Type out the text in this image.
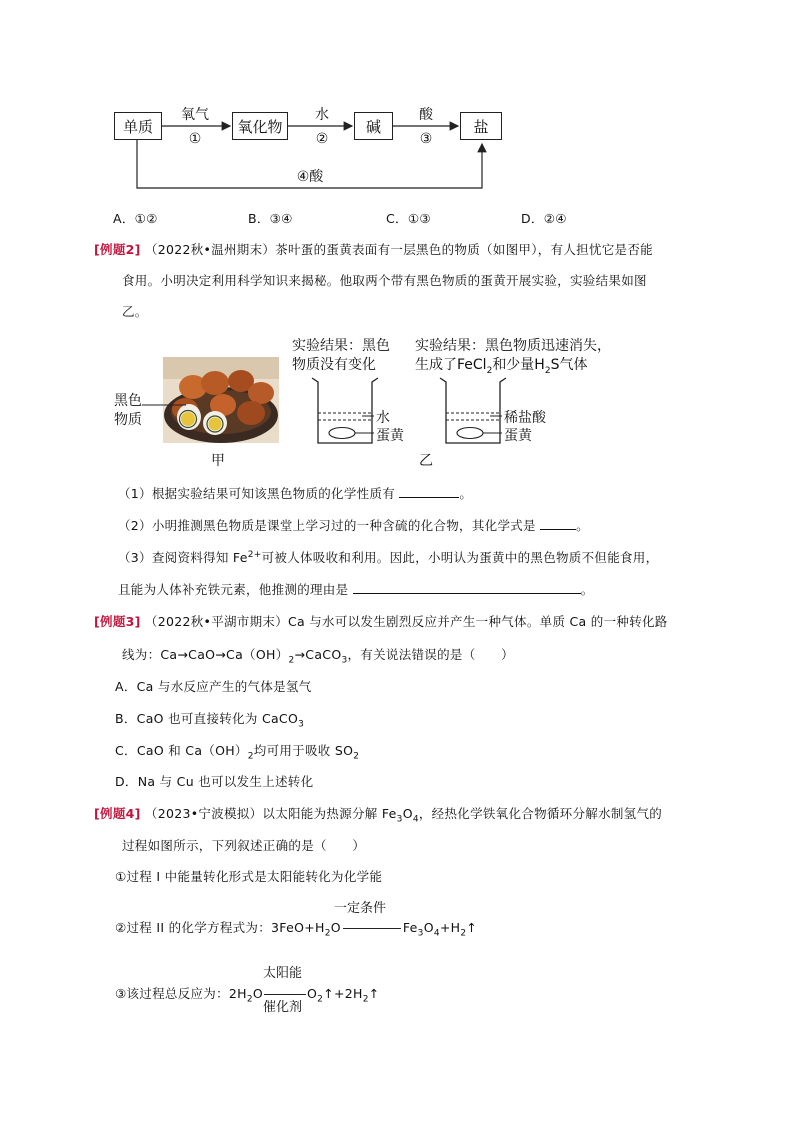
单质	氧化物	碱	盐
氧气
①
水
②
酸
③
④酸
A．①②	B．③④	C．①③	D．②④
[例题2] （2022秋•温州期末）茶叶蛋的蛋黄表面有一层黑色的物质（如图甲），有人担忧它是否能
食用。小明决定利用科学知识来揭秘。他取两个带有黑色物质的蛋黄开展实验，实验结果如图
乙。
黑色
物质
甲
实验结果：黑色
物质没有变化
实验结果：黑色物质迅速消失，
生成了FeCl$_2$和少量$H_2S$气体
水
蛋黄
稀盐酸
蛋黄
乙
（1）根据实验结果可知该黑色物质的化学性质有	。
（2）小明推测黑色物质是课堂上学习过的一种含硫的化合物，其化学式是	。
（3）查阅资料得知 $Fe^{2+}$可被人体吸收和利用。因此，小明认为蛋黄中的黑色物质不但能食用，
且能为人体补充铁元素，他推测的理由是	。
[例题3] （2022秋•平湖市期末）Ca 与水可以发生剧烈反应并产生一种气体。单质 Ca 的一种转化路
线为：$Ca\to CaO\to Ca(OH)_2\to CaCO_3$，有关说法错误的是（　　）
A．Ca 与水反应产生的气体是氢气
B．CaO 也可直接转化为 CaCO$_3$
C．CaO 和 $Ca(OH)_2$均可用于吸收 $SO_2$
D．Na 与 Cu 也可以发生上述转化
[例题4] （2023•宁波模拟）以太阳能为热源分解 $Fe_3O_4$，经热化学铁氧化合物循环分解水制氢气的
过程如图所示，下列叙述正确的是（　　）
①过程 I 中能量转化形式是太阳能转化为化学能
一定条件
②过程 II 的化学方程式为：$3FeO+H_2O$	$Fe_3O_4+H_2↑$
太阳能
③该过程总反应为：$2H_2O$	$O_2↑+2H_2↑$
催化剂
